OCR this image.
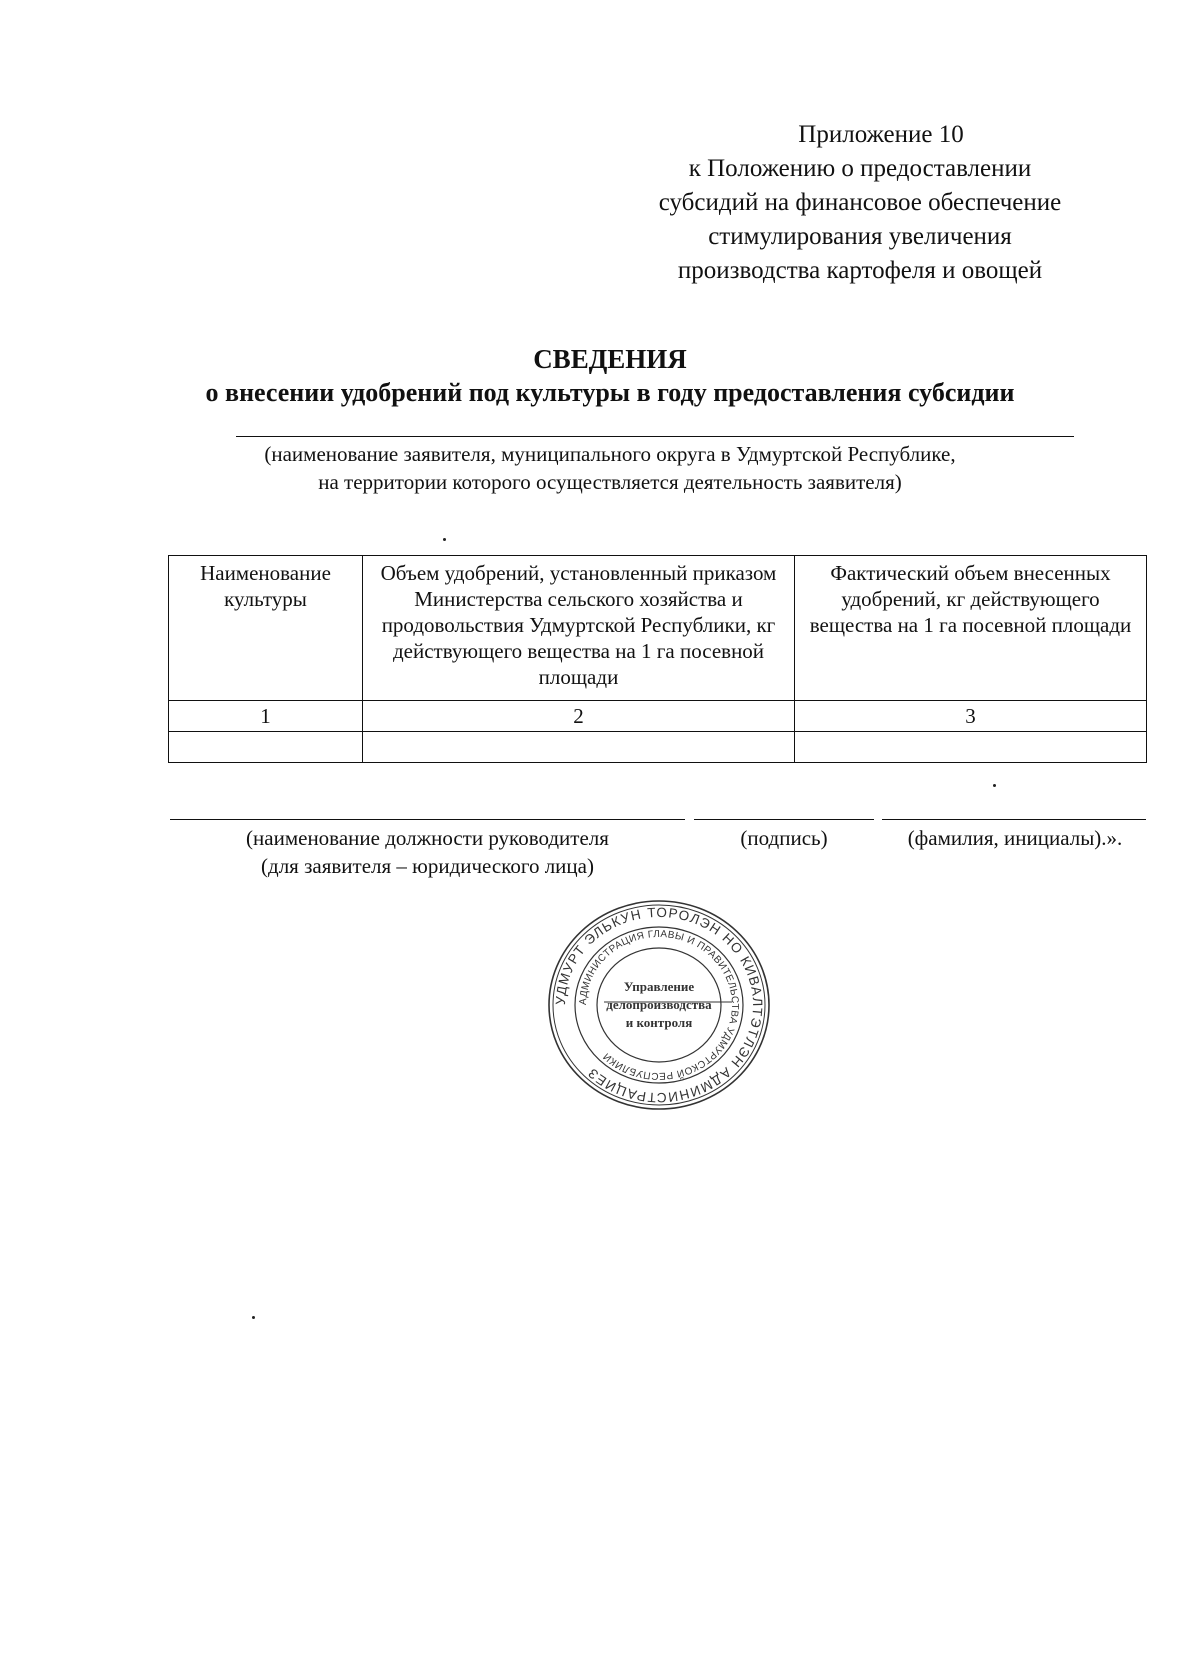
Приложение 10
к Положению о предоставлении
субсидий на финансовое обеспечение
стимулирования увеличения
производства картофеля и овощей
СВЕДЕНИЯ
о внесении удобрений под культуры в году предоставления субсидии
(наименование заявителя, муниципального округа в Удмуртской Республике,
на территории которого осуществляется деятельность заявителя)
Наименование культуры	Объем удобрений, установленный приказом Министерства сельского хозяйства и продовольствия Удмуртской Республики, кг действующего вещества на 1 га посевной площади	Фактический объем внесенных удобрений, кг действующего вещества на 1 га посевной площади
1	2	3

(наименование должности руководителя
(для заявителя – юридического лица)
(подпись)	(фамилия, инициалы).».
УДМУРТ ЭЛЬКУН ТОРОЛЭН НО КИВАЛТЭТЛЭН АДМИНИСТРАЦИЕЗ
АДМИНИСТРАЦИЯ ГЛАВЫ И ПРАВИТЕЛЬСТВА УДМУРТСКОЙ РЕСПУБЛИКИ
Управление
делопроизводства
и контроля
